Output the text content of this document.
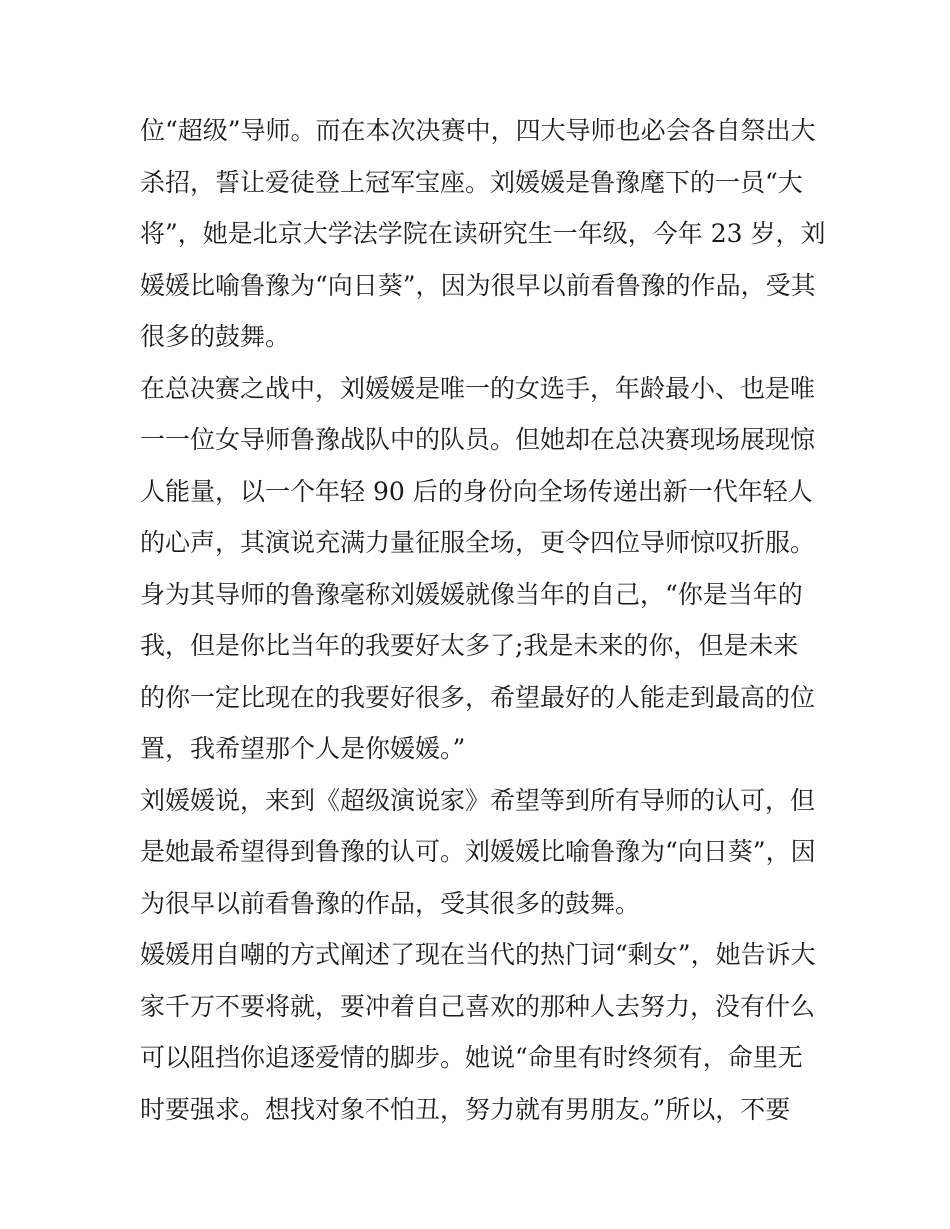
位“超级”导师。而在本次决赛中，四大导师也必会各自祭出大
杀招，誓让爱徒登上冠军宝座。刘媛媛是鲁豫麾下的一员“大
将”，她是北京大学法学院在读研究生一年级，今年 23 岁，刘
媛媛比喻鲁豫为“向日葵”，因为很早以前看鲁豫的作品，受其
很多的鼓舞。
在总决赛之战中，刘媛媛是唯一的女选手，年龄最小、也是唯
一一位女导师鲁豫战队中的队员。但她却在总决赛现场展现惊
人能量，以一个年轻 90 后的身份向全场传递出新一代年轻人
的心声，其演说充满力量征服全场，更令四位导师惊叹折服。
身为其导师的鲁豫毫称刘媛媛就像当年的自己，“你是当年的
我，但是你比当年的我要好太多了;我是未来的你，但是未来
的你一定比现在的我要好很多，希望最好的人能走到最高的位
置，我希望那个人是你媛媛。”
刘媛媛说，来到《超级演说家》希望等到所有导师的认可，但
是她最希望得到鲁豫的认可。刘媛媛比喻鲁豫为“向日葵”，因
为很早以前看鲁豫的作品，受其很多的鼓舞。
媛媛用自嘲的方式阐述了现在当代的热门词“剩女”，她告诉大
家千万不要将就，要冲着自己喜欢的那种人去努力，没有什么
可以阻挡你追逐爱情的脚步。她说“命里有时终须有，命里无
时要强求。想找对象不怕丑，努力就有男朋友。”所以，不要
